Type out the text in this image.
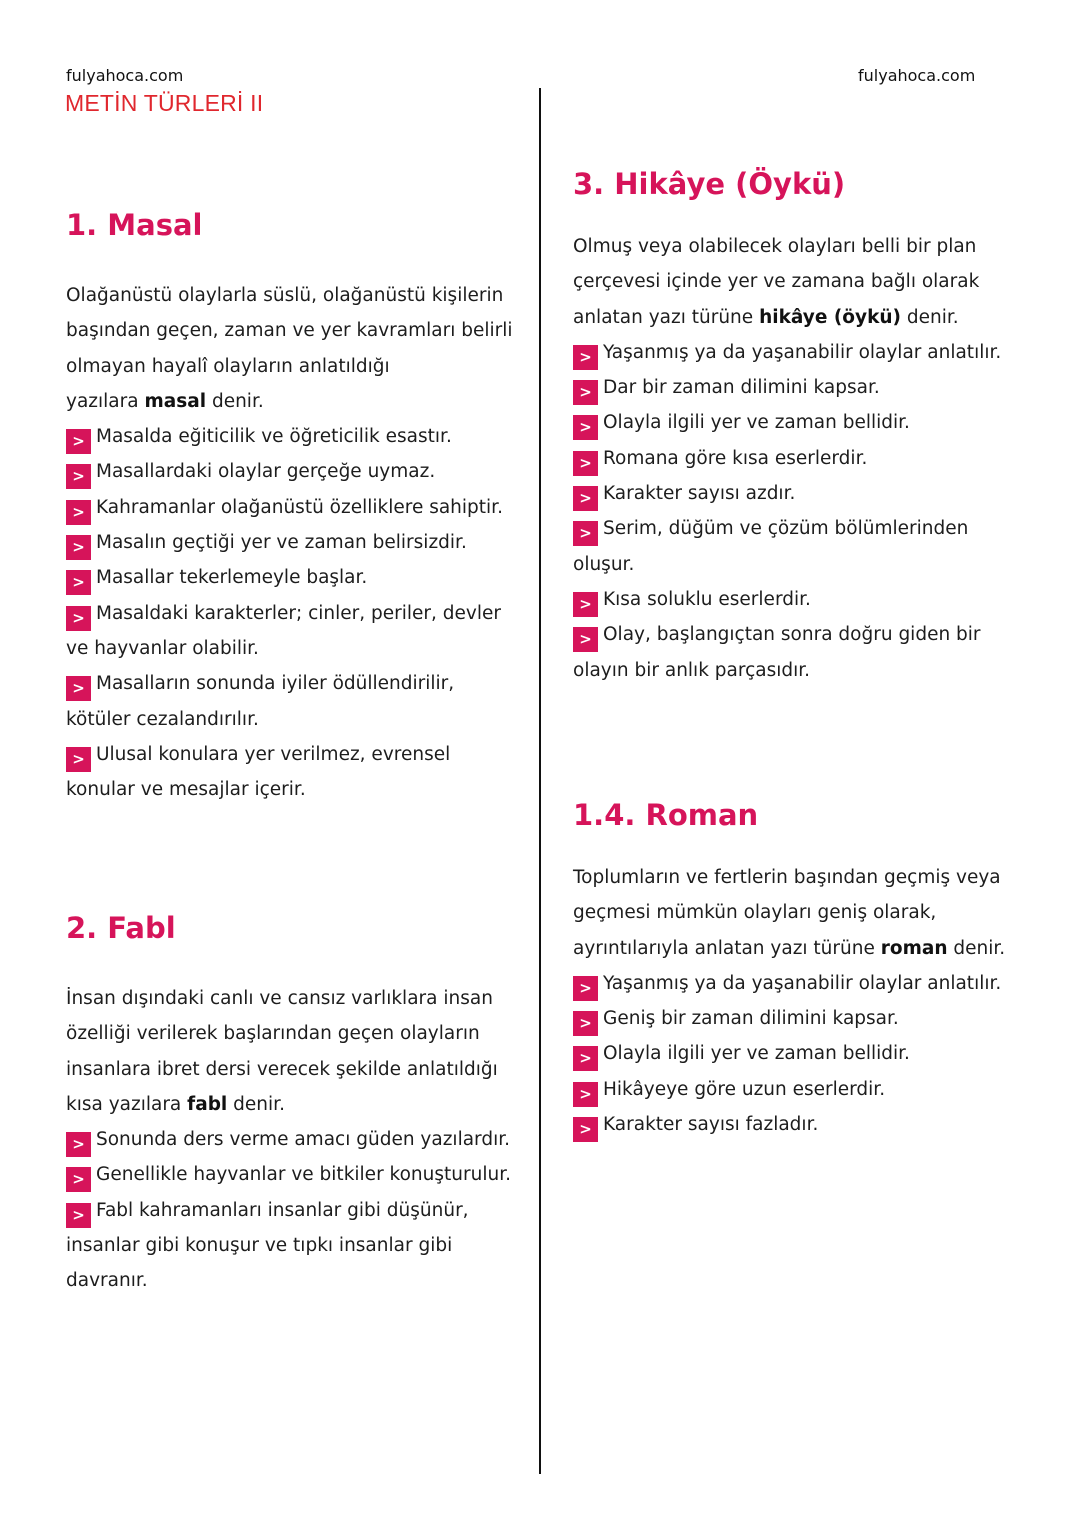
fulyahoca.com	fulyahoca.com
METİN TÜRLERİ II
1. Masal

Olağanüstü olaylarla süslü, olağanüstü kişilerin

başından geçen, zaman ve yer kavramları belirli

olmayan hayalî olayların anlatıldığı

yazılara masal denir.

> Masalda eğiticilik ve öğreticilik esastır.

> Masallardaki olaylar gerçeğe uymaz.

> Kahramanlar olağanüstü özelliklere sahiptir.

> Masalın geçtiği yer ve zaman belirsizdir.

> Masallar tekerlemeyle başlar.

> Masaldaki karakterler; cinler, periler, devler

ve hayvanlar olabilir.

> Masalların sonunda iyiler ödüllendirilir,

kötüler cezalandırılır.

> Ulusal konulara yer verilmez, evrensel

konular ve mesajlar içerir.

2. Fabl

İnsan dışındaki canlı ve cansız varlıklara insan

özelliği verilerek başlarından geçen olayların

insanlara ibret dersi verecek şekilde anlatıldığı

kısa yazılara fabl denir.

> Sonunda ders verme amacı güden yazılardır.

> Genellikle hayvanlar ve bitkiler konuşturulur.

> Fabl kahramanları insanlar gibi düşünür,

insanlar gibi konuşur ve tıpkı insanlar gibi

davranır.

3. Hikâye (Öykü)

Olmuş veya olabilecek olayları belli bir plan

çerçevesi içinde yer ve zamana bağlı olarak

anlatan yazı türüne hikâye (öykü) denir.

> Yaşanmış ya da yaşanabilir olaylar anlatılır.

> Dar bir zaman dilimini kapsar.

> Olayla ilgili yer ve zaman bellidir.

> Romana göre kısa eserlerdir.

> Karakter sayısı azdır.

> Serim, düğüm ve çözüm bölümlerinden

oluşur.

> Kısa soluklu eserlerdir.

> Olay, başlangıçtan sonra doğru giden bir

olayın bir anlık parçasıdır.

1.4. Roman

Toplumların ve fertlerin başından geçmiş veya

geçmesi mümkün olayları geniş olarak,

ayrıntılarıyla anlatan yazı türüne roman denir.

> Yaşanmış ya da yaşanabilir olaylar anlatılır.

> Geniş bir zaman dilimini kapsar.

> Olayla ilgili yer ve zaman bellidir.

> Hikâyeye göre uzun eserlerdir.

> Karakter sayısı fazladır.
